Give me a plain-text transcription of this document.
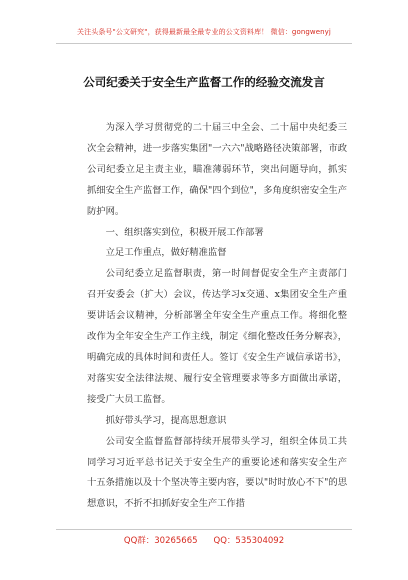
关注头条号"公文研究"，获得最新最全最专业的公文资料库！ 微信：gongwenyj
公司纪委关于安全生产监督工作的经验交流发言

为深入学习贯彻党的二十届三中全会、二十届中央纪委三次全会精神，进一步落实集团"一六六"战略路径决策部署，市政公司纪委立足主责主业，瞄准薄弱环节，突出问题导向，抓实抓细安全生产监督工作，确保"四个到位"，多角度织密安全生产防护网。

一、组织落实到位，积极开展工作部署

立足工作重点，做好精准监督

公司纪委立足监督职责，第一时间督促安全生产主责部门召开安委会（扩大）会议，传达学习x交通、x集团安全生产重要讲话会议精神，分析部署全年安全生产重点工作。将细化整改作为全年安全生产工作主线，制定《细化整改任务分解表》，明确完成的具体时间和责任人。签订《安全生产诚信承诺书》，对落实安全法律法规、履行安全管理要求等多方面做出承诺，接受广大员工监督。

抓好带头学习，提高思想意识

公司安全监督监督部持续开展带头学习，组织全体员工共同学习习近平总书记关于安全生产的重要论述和落实安全生产十五条措施以及十个坚决等主要内容，要以"时时放心不下"的思想意识，不折不扣抓好安全生产工作措

QQ群：30265665 QQ：535304092
